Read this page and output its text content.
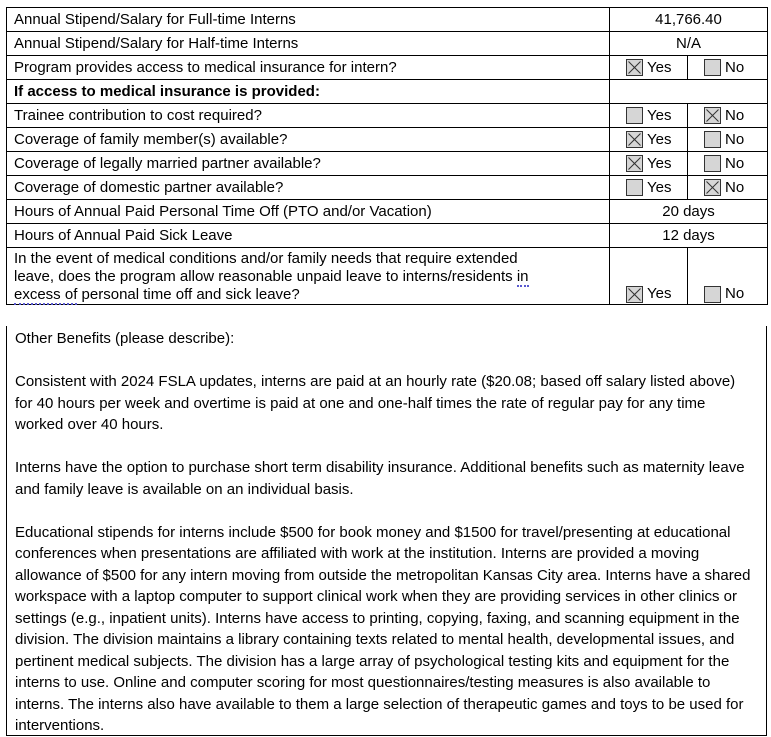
Annual Stipend/Salary for Full-time Interns	41,766.40	
Annual Stipend/Salary for Half-time Interns	N/A	
Program provides access to medical insurance for intern?	Yes	No
If access to medical insurance is provided:		
Trainee contribution to cost required?	Yes	No
Coverage of family member(s) available?	Yes	No
Coverage of legally married partner available?	Yes	No
Coverage of domestic partner available?	Yes	No
Hours of Annual Paid Personal Time Off (PTO and/or Vacation)	20 days	
Hours of Annual Paid Sick Leave	12 days	
In the event of medical conditions and/or family needs that require extended
leave, does the program allow reasonable unpaid leave to interns/residents in
excess of personal time off and sick leave?	Yes	No
Other Benefits (please describe):

Consistent with 2024 FSLA updates, interns are paid at an hourly rate ($20.08; based off salary listed above) for 40 hours per week and overtime is paid at one and one-half times the rate of regular pay for any time worked over 40 hours.

Interns have the option to purchase short term disability insurance. Additional benefits such as maternity leave and family leave is available on an individual basis.

Educational stipends for interns include $500 for book money and $1500 for travel/presenting at educational conferences when presentations are affiliated with work at the institution. Interns are provided a moving allowance of $500 for any intern moving from outside the metropolitan Kansas City area. Interns have a shared workspace with a laptop computer to support clinical work when they are providing services in other clinics or settings (e.g., inpatient units). Interns have access to printing, copying, faxing, and scanning equipment in the division. The division maintains a library containing texts related to mental health, developmental issues, and pertinent medical subjects. The division has a large array of psychological testing kits and equipment for the interns to use. Online and computer scoring for most questionnaires/testing measures is also available to interns. The interns also have available to them a large selection of therapeutic games and toys to be used for interventions.
